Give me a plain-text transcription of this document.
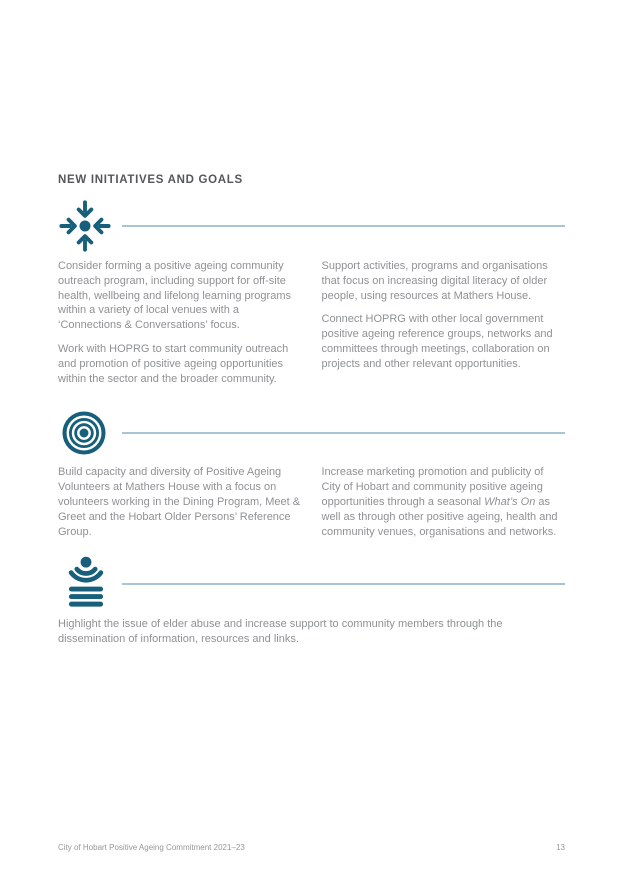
NEW INITIATIVES AND GOALS

Consider forming a positive ageing community outreach program, including support for off-site health, wellbeing and lifelong learning programs within a variety of local venues with a ‘Connections & Conversations’ focus.

Work with HOPRG to start community outreach and promotion of positive ageing opportunities within the sector and the broader community.

Support activities, programs and organisations that focus on increasing digital literacy of older people, using resources at Mathers House.

Connect HOPRG with other local government positive ageing reference groups, networks and committees through meetings, collaboration on projects and other relevant opportunities.

Build capacity and diversity of Positive Ageing Volunteers at Mathers House with a focus on volunteers working in the Dining Program, Meet & Greet and the Hobart Older Persons’ Reference Group.

Increase marketing promotion and publicity of City of Hobart and community positive ageing opportunities through a seasonal What’s On as well as through other positive ageing, health and community venues, organisations and networks.

Highlight the issue of elder abuse and increase support to community members through the dissemination of information, resources and links.

City of Hobart Positive Ageing Commitment 2021–23	13
